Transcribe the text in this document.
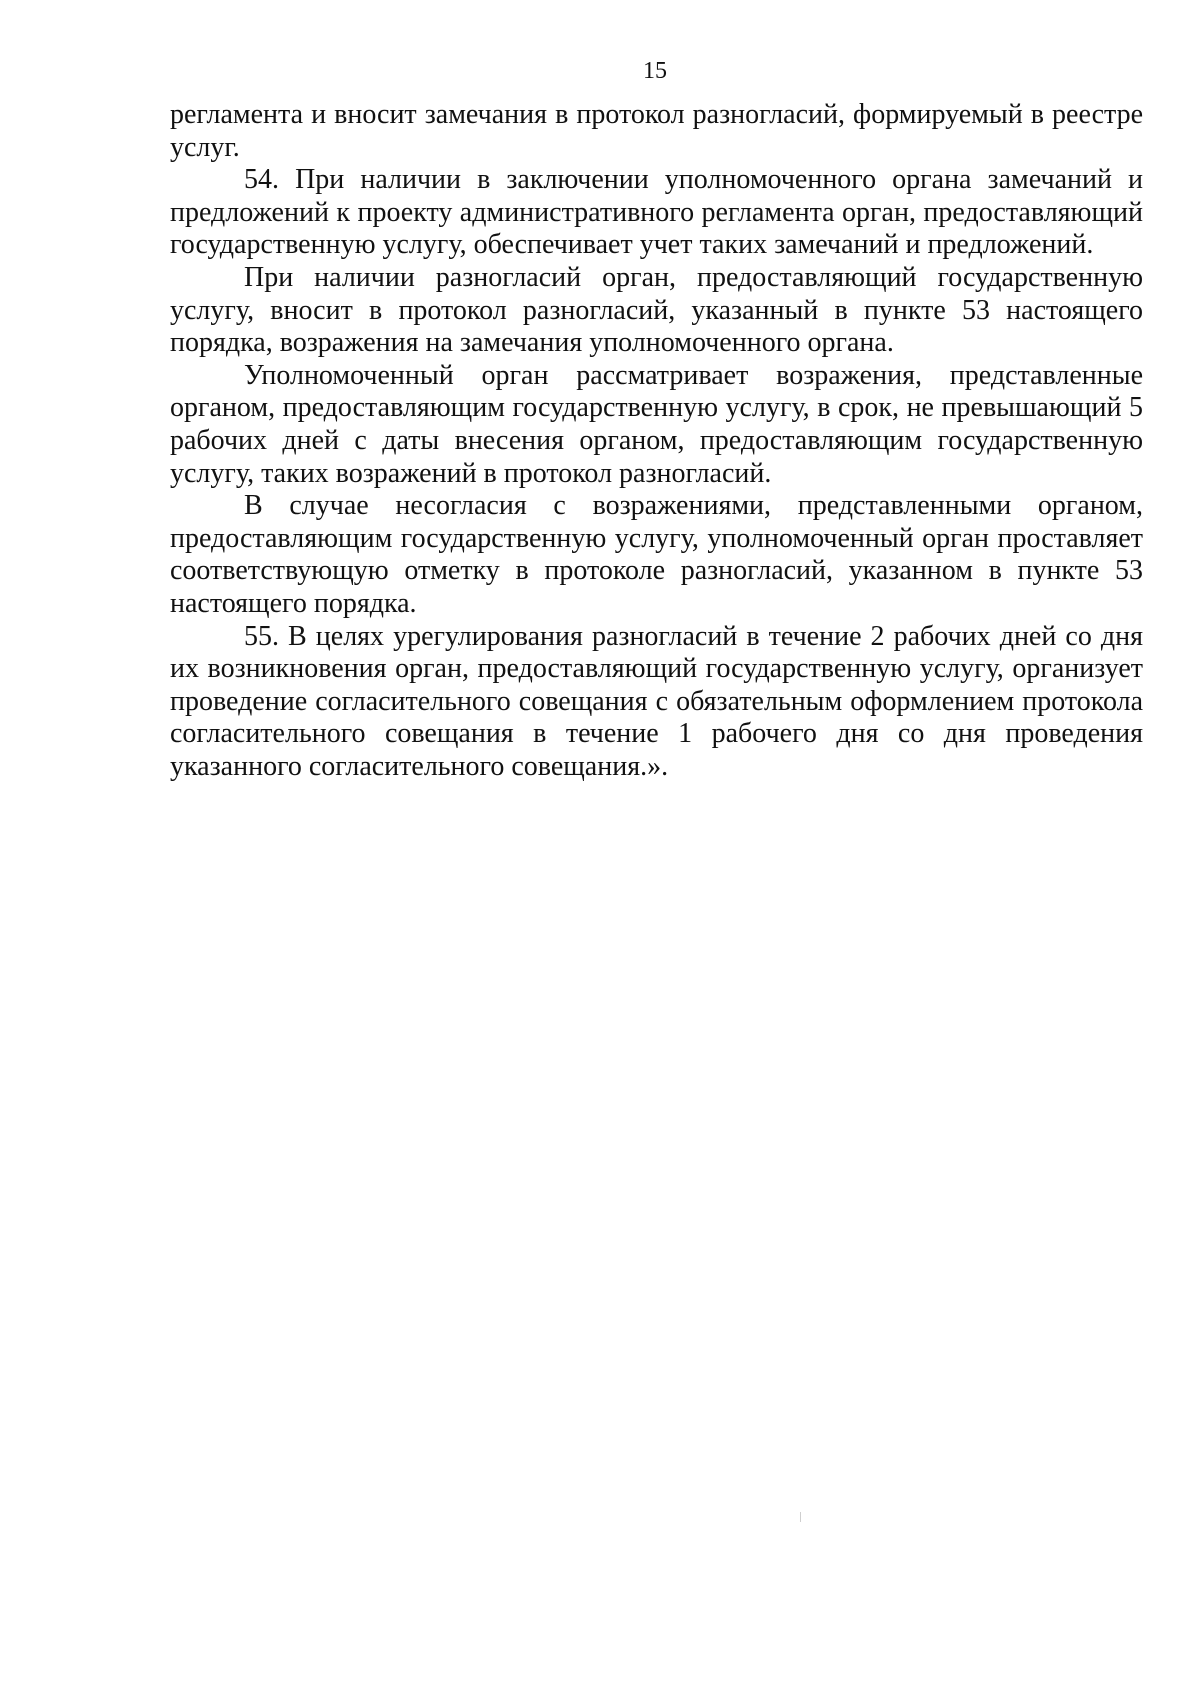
15

регламента и вносит замечания в протокол разногласий, формируемый в реестре услуг.

54. При наличии в заключении уполномоченного органа замечаний и предложений к проекту административного регламента орган, предоставляющий государственную услугу, обеспечивает учет таких замечаний и предложений.

При наличии разногласий орган, предоставляющий государственную услугу, вносит в протокол разногласий, указанный в пункте 53 настоящего порядка, возражения на замечания уполномоченного органа.

Уполномоченный орган рассматривает возражения, представленные органом, предоставляющим государственную услугу, в срок, не превышающий 5 рабочих дней с даты внесения органом, предоставляющим государственную услугу, таких возражений в протокол разногласий.

В случае несогласия с возражениями, представленными органом, предоставляющим государственную услугу, уполномоченный орган проставляет соответствующую отметку в протоколе разногласий, указанном в пункте 53 настоящего порядка.

55. В целях урегулирования разногласий в течение 2 рабочих дней со дня их возникновения орган, предоставляющий государственную услугу, организует проведение согласительного совещания с обязательным оформлением протокола согласительного совещания в течение 1 рабочего дня со дня проведения указанного согласительного совещания.».
